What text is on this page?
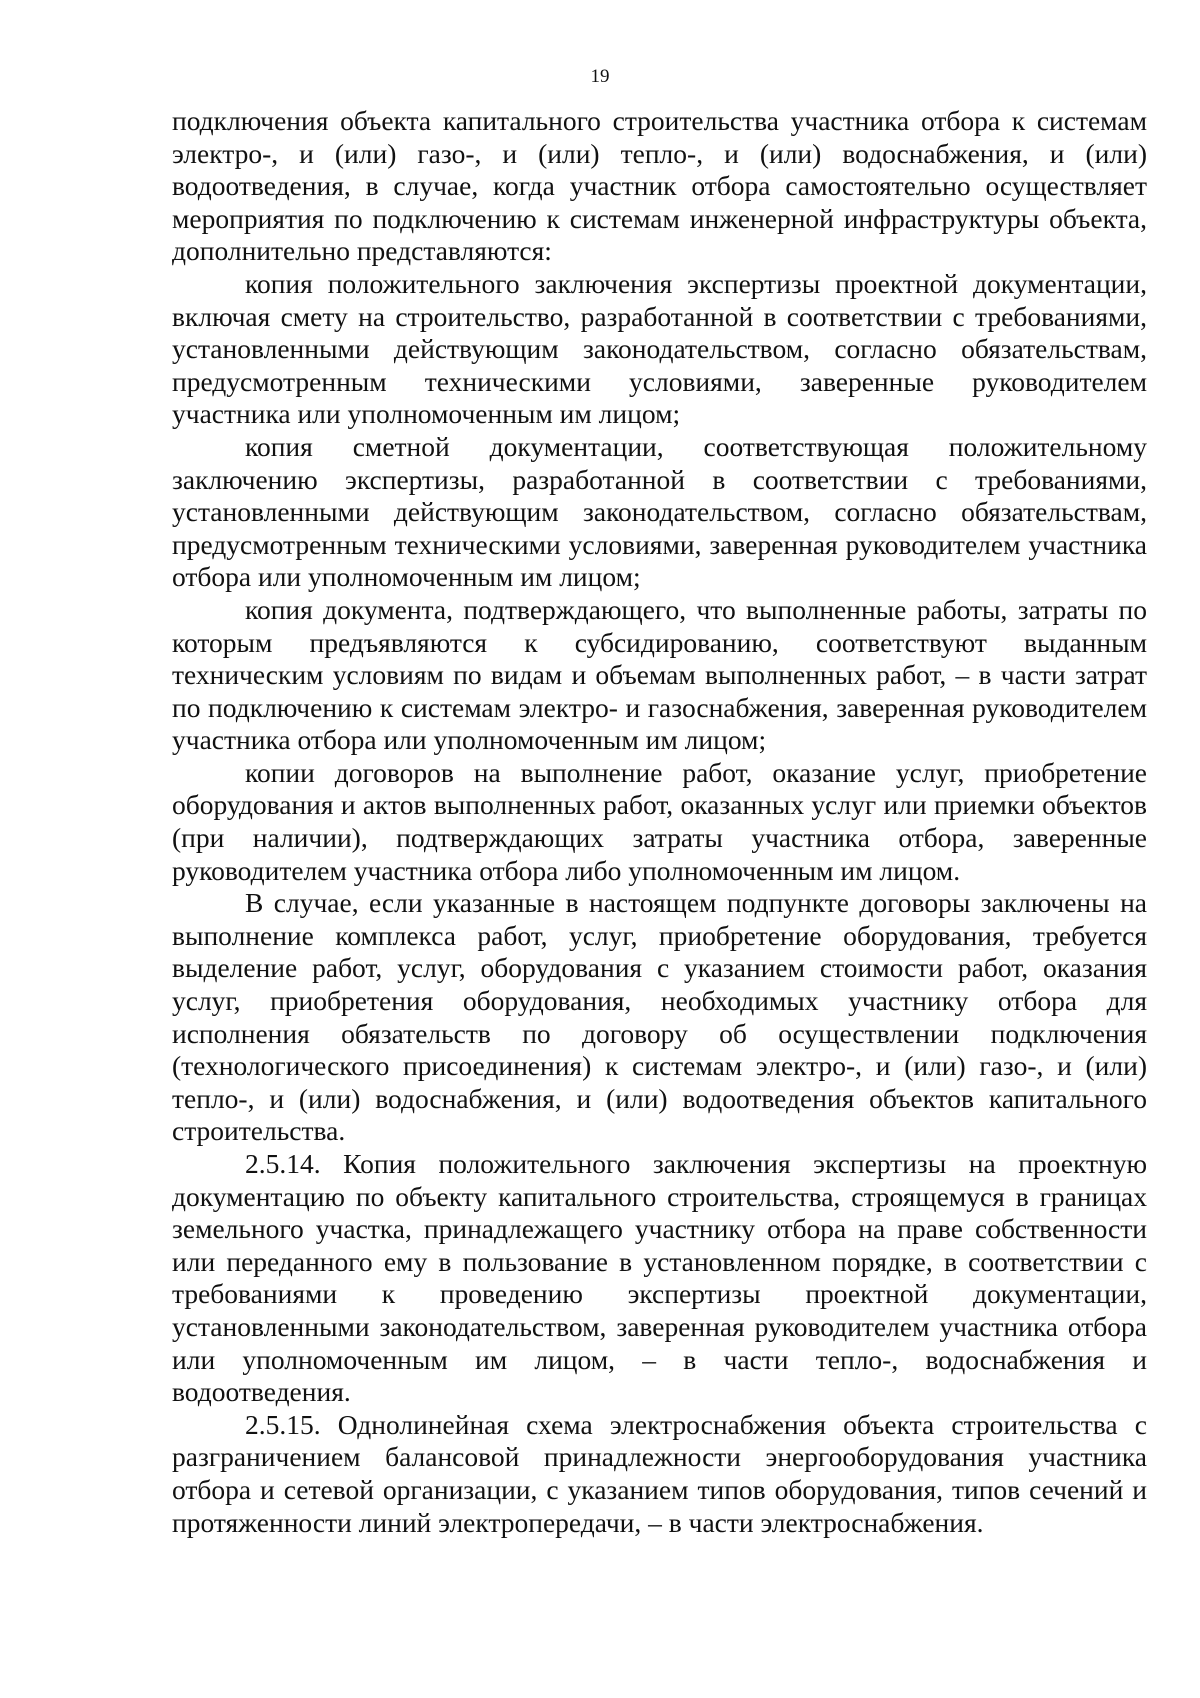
19

подключения объекта капитального строительства участника отбора к системам электро-, и (или) газо-, и (или) тепло-, и (или) водоснабжения, и (или) водоотведения, в случае, когда участник отбора самостоятельно осуществляет мероприятия по подключению к системам инженерной инфраструктуры объекта, дополнительно представляются:

копия положительного заключения экспертизы проектной документации, включая смету на строительство, разработанной в соответствии с требованиями, установленными действующим законодательством, согласно обязательствам, предусмотренным техническими условиями, заверенные руководителем участника или уполномоченным им лицом;

копия сметной документации, соответствующая положительному заключению экспертизы, разработанной в соответствии с требованиями, установленными действующим законодательством, согласно обязательствам, предусмотренным техническими условиями, заверенная руководителем участника отбора или уполномоченным им лицом;

копия документа, подтверждающего, что выполненные работы, затраты по которым предъявляются к субсидированию, соответствуют выданным техническим условиям по видам и объемам выполненных работ, – в части затрат по подключению к системам электро- и газоснабжения, заверенная руководителем участника отбора или уполномоченным им лицом;

копии договоров на выполнение работ, оказание услуг, приобретение оборудования и актов выполненных работ, оказанных услуг или приемки объектов (при наличии), подтверждающих затраты участника отбора, заверенные руководителем участника отбора либо уполномоченным им лицом.

В случае, если указанные в настоящем подпункте договоры заключены на выполнение комплекса работ, услуг, приобретение оборудования, требуется выделение работ, услуг, оборудования с указанием стоимости работ, оказания услуг, приобретения оборудования, необходимых участнику отбора для исполнения обязательств по договору об осуществлении подключения (технологического присоединения) к системам электро-, и (или) газо-, и (или) тепло-, и (или) водоснабжения, и (или) водоотведения объектов капитального строительства.

2.5.14. Копия положительного заключения экспертизы на проектную документацию по объекту капитального строительства, строящемуся в границах земельного участка, принадлежащего участнику отбора на праве собственности или переданного ему в пользование в установленном порядке, в соответствии с требованиями к проведению экспертизы проектной документации, установленными законодательством, заверенная руководителем участника отбора или уполномоченным им лицом, – в части тепло-, водоснабжения и водоотведения.

2.5.15. Однолинейная схема электроснабжения объекта строительства с разграничением балансовой принадлежности энергооборудования участника отбора и сетевой организации, с указанием типов оборудования, типов сечений и протяженности линий электропередачи, – в части электроснабжения.
